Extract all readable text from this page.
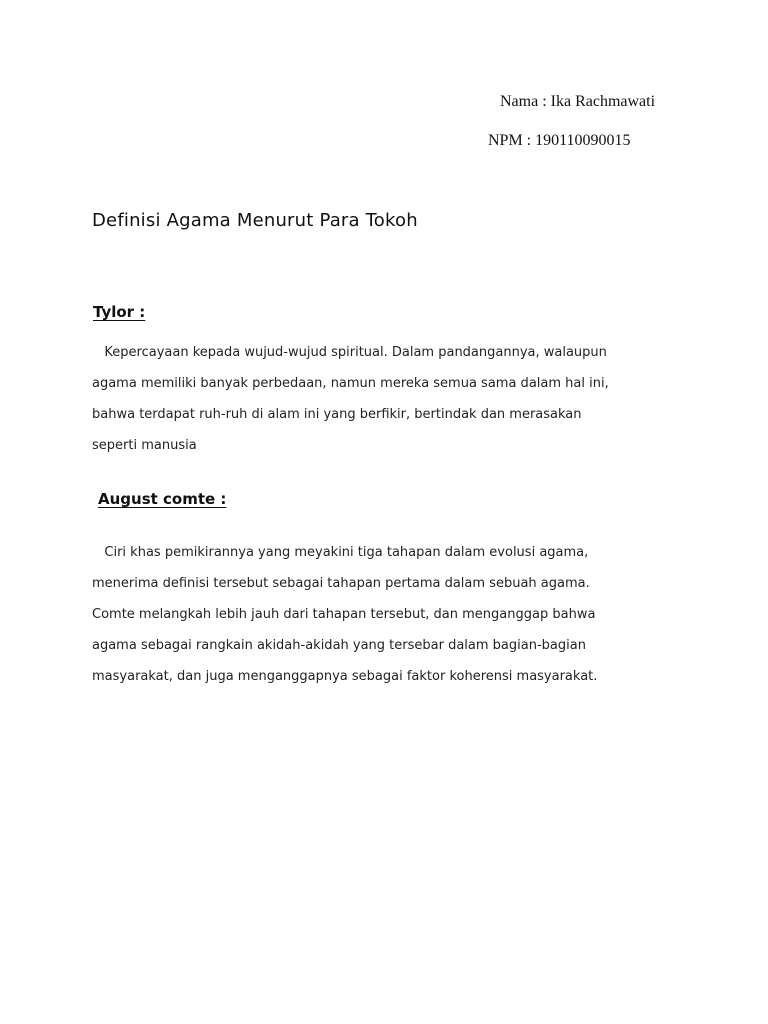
Nama : Ika Rachmawati
NPM : 190110090015
Definisi Agama Menurut Para Tokoh
Tylor :
Kepercayaan kepada wujud-wujud spiritual. Dalam pandangannya, walaupun
agama memiliki banyak perbedaan, namun mereka semua sama dalam hal ini,
bahwa terdapat ruh-ruh di alam ini yang berfikir, bertindak dan merasakan
seperti manusia
August comte :
Ciri khas pemikirannya yang meyakini tiga tahapan dalam evolusi agama,
menerima definisi tersebut sebagai tahapan pertama dalam sebuah agama.
Comte melangkah lebih jauh dari tahapan tersebut, dan menganggap bahwa
agama sebagai rangkain akidah-akidah yang tersebar dalam bagian-bagian
masyarakat, dan juga menganggapnya sebagai faktor koherensi masyarakat.
